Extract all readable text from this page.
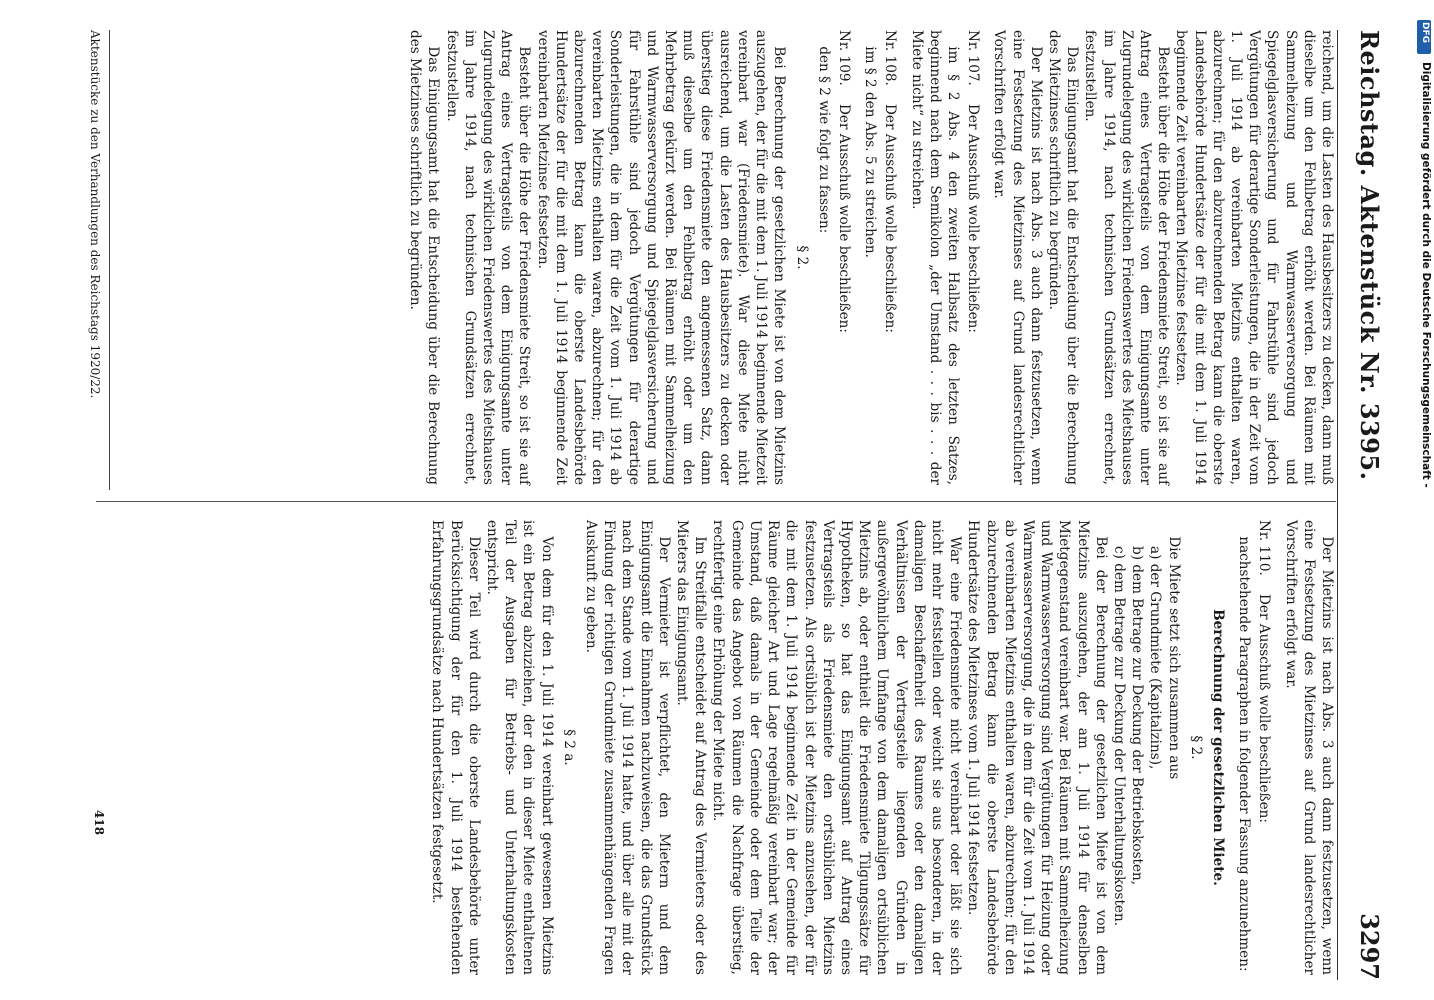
Reichstag. Aktenstück Nr. 3395.
3297

reichend, um die Lasten des Hausbesitzers zu decken, dann muß dieselbe um den Fehlbetrag erhöht werden. Bei Räumen mit Sammelheizung und Warmwasserversorgung und Spiegelglasversicherung und für Fahrstühle sind jedoch Vergütungen für derartige Sonderleistungen, die in der Zeit vom 1. Juli 1914 ab vereinbarten Mietzins enthalten waren, abzurechnen; für den abzurechnenden Betrag kann die oberste Landesbehörde Hundertsätze der für die mit dem 1. Juli 1914 beginnende Zeit vereinbarten Mietzinse festsetzen.

Besteht über die Höhe der Friedensmiete Streit, so ist sie auf Antrag eines Vertragsteils von dem Einigungsamte unter Zugrundelegung des wirklichen Friedenswertes des Mietshauses im Jahre 1914, nach technischen Grundsätzen errechnet, festzustellen.

Das Einigungsamt hat die Entscheidung über die Berechnung des Mietzinses schriftlich zu begründen.

Der Mietzins ist nach Abs. 3 auch dann festzusetzen, wenn eine Festsetzung des Mietzinses auf Grund landesrechtlicher Vorschriften erfolgt war.

Nr. 107.Der Ausschuß wolle beschließen:

im § 2 Abs. 4 den zweiten Halbsatz des letzten Satzes, beginnend nach dem Semikolon „der Umstand . . . bis . . . der Miete nicht“ zu streichen.

Nr. 108.Der Ausschuß wolle beschließen:

im § 2 den Abs. 5 zu streichen.

Nr. 109.Der Ausschuß wolle beschließen:

den § 2 wie folgt zu fassen:

§ 2.

Bei Berechnung der gesetzlichen Miete ist von dem Mietzins auszugehen, der für die mit dem 1. Juli 1914 beginnende Mietzeit vereinbart war (Friedensmiete). War diese Miete nicht ausreichend, um die Lasten des Hausbesitzers zu decken oder überstieg diese Friedensmiete den angemessenen Satz, dann muß dieselbe um den Fehlbetrag erhöht oder um den Mehrbetrag gekürzt werden. Bei Räumen mit Sammelheizung und Warmwasserversorgung und Spiegelglasversicherung und für Fahrstühle sind jedoch Vergütungen für derartige Sonderleistungen, die in dem für die Zeit vom 1. Juli 1914 ab vereinbarten Mietzins enthalten waren, abzurechnen; für den abzurechnenden Betrag kann die oberste Landesbehörde Hundertsätze der für die mit dem 1. Juli 1914 beginnende Zeit vereinbarten Mietzinse festsetzen.

Besteht über die Höhe der Friedensmiete Streit, so ist sie auf Antrag eines Vertragsteils von dem Einigungsamte unter Zugrundelegung des wirklichen Friedenswertes des Mietshauses im Jahre 1914, nach technischen Grundsätzen errechnet, festzustellen.

Das Einigungsamt hat die Entscheidung über die Berechnung des Mietzinses schriftlich zu begründen.

Der Mietzins ist nach Abs. 3 auch dann festzusetzen, wenn eine Festsetzung des Mietzinses auf Grund landesrechtlicher Vorschriften erfolgt war.

Nr. 110.Der Ausschuß wolle beschließen:

nachstehende Paragraphen in folgender Fassung anzunehmen:

Berechnung der gesetzlichen Miete.

§ 2.

Die Miete setzt sich zusammen aus

a) der Grundmiete (Kapitalzins),

b) dem Betrage zur Deckung der Betriebskosten,

c) dem Betrage zur Deckung der Unterhaltungskosten.

Bei der Berechnung der gesetzlichen Miete ist von dem Mietzins auszugehen, der am 1. Juli 1914 für denselben Mietgegenstand vereinbart war. Bei Räumen mit Sammelheizung und Warmwasserversorgung sind Vergütungen für Heizung oder Warmwasserversorgung, die in dem für die Zeit vom 1. Juli 1914 ab vereinbarten Mietzins enthalten waren, abzurechnen; für den abzurechnenden Betrag kann die oberste Landesbehörde Hundertsätze des Mietzinses vom 1. Juli 1914 festsetzen.

War eine Friedensmiete nicht vereinbart oder läßt sie sich nicht mehr feststellen oder weicht sie aus besonderen, in der damaligen Beschaffenheit des Raumes oder den damaligen Verhältnissen der Vertragsteile liegenden Gründen in außergewöhnlichem Umfange von dem damaligen ortsüblichen Mietzins ab, oder enthielt die Friedensmiete Tilgungssätze für Hypotheken, so hat das Einigungsamt auf Antrag eines Vertragsteils als Friedensmiete den ortsüblichen Mietzins festzusetzen. Als ortsüblich ist der Mietzins anzusehen, der für die mit dem 1. Juli 1914 beginnende Zeit in der Gemeinde für Räume gleicher Art und Lage regelmäßig vereinbart war; der Umstand, daß damals in der Gemeinde oder dem Teile der Gemeinde das Angebot von Räumen die Nachfrage überstieg, rechtfertigt eine Erhöhung der Miete nicht.

Im Streitfalle entscheidet auf Antrag des Vermieters oder des Mieters das Einigungsamt.

Der Vermieter ist verpflichtet, den Mietern und dem Einigungsamt die Einnahmen nachzuweisen, die das Grundstück nach dem Stande vom 1. Juli 1914 hatte, und über alle mit der Findung der richtigen Grundmiete zusammenhängenden Fragen Auskunft zu geben.

§ 2 a.

Von dem für den 1. Juli 1914 vereinbart gewesenen Mietzins ist ein Betrag abzuziehen, der den in dieser Miete enthaltenen Teil der Ausgaben für Betriebs- und Unterhaltungskosten entspricht.

Dieser Teil wird durch die oberste Landesbehörde unter Berücksichtigung der für den 1. Juli 1914 bestehenden Erfahrungsgrundsätze nach Hundertsätzen festgesetzt.

Aktenstücke zu den Verhandlungen des Reichstags 1920/22.
418
DFG
Digitalisierung gefördert durch die Deutsche Forschungsgemeinschaft -
